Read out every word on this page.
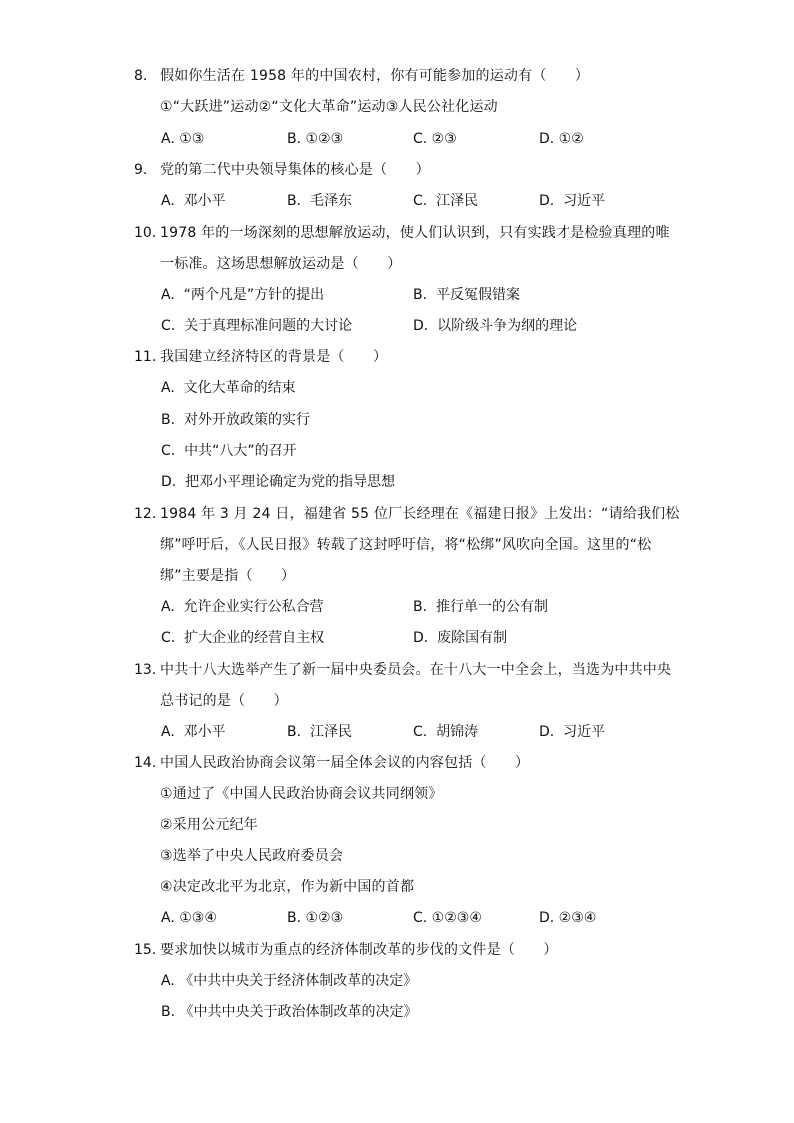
8. 假如你生活在 1958 年的中国农村，你有可能参加的运动有（　　）
①“大跃进”运动②“文化大革命”运动③人民公社化运动
A. ①③	B. ①②③	C. ②③	D. ①②
9. 党的第二代中央领导集体的核心是（　　）
A.  邓小平	B.  毛泽东	C.  江泽民	D.  习近平
10. 1978 年的一场深刻的思想解放运动，使人们认识到，只有实践才是检验真理的唯
一标准。这场思想解放运动是（　　）
A.  “两个凡是”方针的提出	B.  平反冤假错案
C.  关于真理标准问题的大讨论	D.  以阶级斗争为纲的理论
11. 我国建立经济特区的背景是（　　）
A.  文化大革命的结束
B.  对外开放政策的实行
C.  中共“八大”的召开
D.  把邓小平理论确定为党的指导思想
12. 1984 年 3 月 24 日，福建省 55 位厂长经理在《福建日报》上发出：“请给我们松
绑”呼吁后，《人民日报》转载了这封呼吁信，将“松绑”风吹向全国。这里的“松
绑”主要是指（　　）
A.  允许企业实行公私合营	B.  推行单一的公有制
C.  扩大企业的经营自主权	D.  废除国有制
13. 中共十八大选举产生了新一届中央委员会。在十八大一中全会上，当选为中共中央
总书记的是（　　）
A.  邓小平	B.  江泽民	C.  胡锦涛	D.  习近平
14. 中国人民政治协商会议第一届全体会议的内容包括（　　）
①通过了《中国人民政治协商会议共同纲领》
②采用公元纪年
③选举了中央人民政府委员会
④决定改北平为北京，作为新中国的首都
A. ①③④	B. ①②③	C. ①②③④	D. ②③④
15. 要求加快以城市为重点的经济体制改革的步伐的文件是（　　）
A. 《中共中央关于经济体制改革的决定》
B. 《中共中央关于政治体制改革的决定》
